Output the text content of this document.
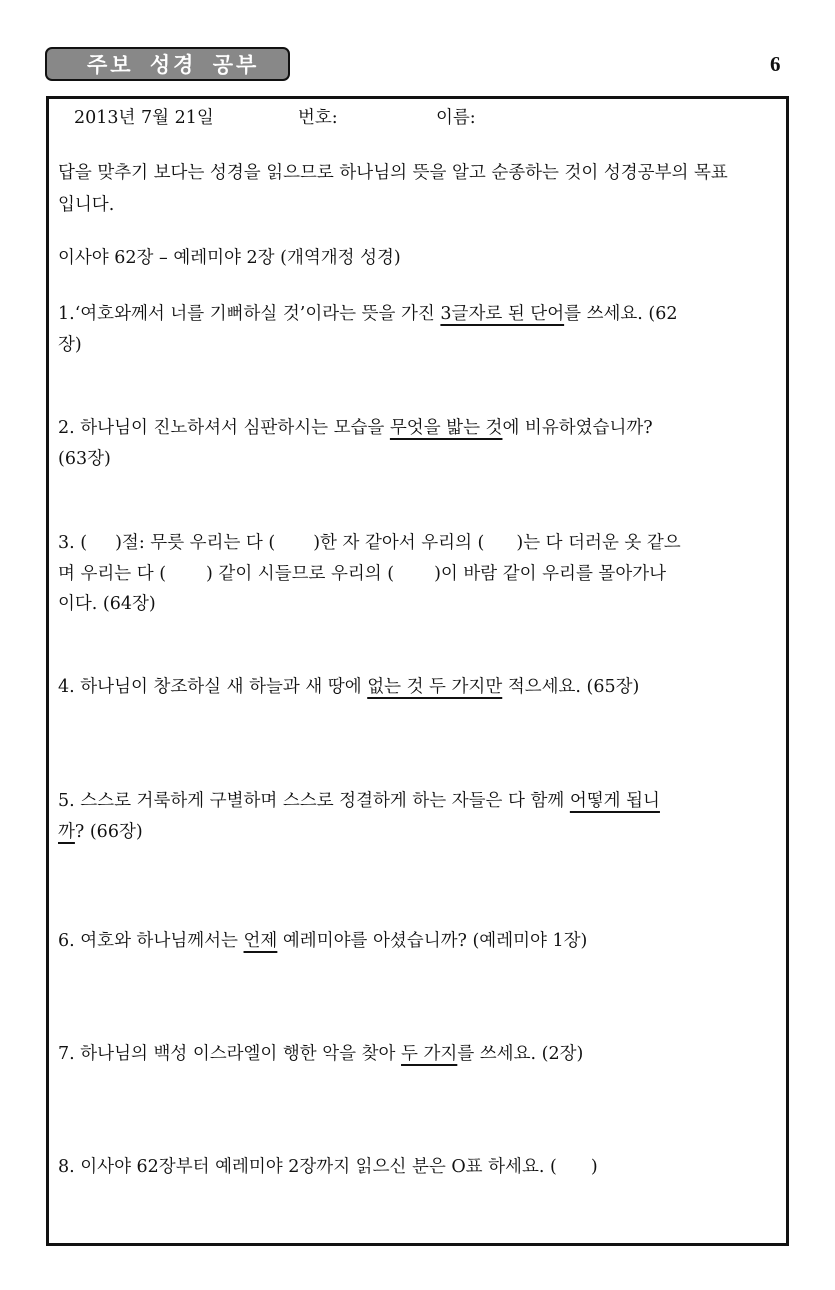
주보 성경 공부	6
2013년 7월 21일	번호:	이름:
답을 맞추기 보다는 성경을 읽으므로 하나님의 뜻을 알고 순종하는 것이 성경공부의 목표
입니다.
이사야 62장 – 예레미야 2장 (개역개정 성경)
1.‘여호와께서 너를 기뻐하실 것’이라는 뜻을 가진 3글자로 된 단어를 쓰세요. (62
장)
2. 하나님이 진노하셔서 심판하시는 모습을 무엇을 밟는 것에 비유하였습니까?
(63장)
3. ( )절: 무릇 우리는 다 ( )한 자 같아서 우리의 ( )는 다 더러운 옷 같으
며 우리는 다 ( ) 같이 시들므로 우리의 ( )이 바람 같이 우리를 몰아가나
이다. (64장)
4. 하나님이 창조하실 새 하늘과 새 땅에 없는 것 두 가지만 적으세요. (65장)
5. 스스로 거룩하게 구별하며 스스로 정결하게 하는 자들은 다 함께 어떻게 됩니
까? (66장)
6. 여호와 하나님께서는 언제 예레미야를 아셨습니까? (예레미야 1장)
7. 하나님의 백성 이스라엘이 행한 악을 찾아 두 가지를 쓰세요. (2장)
8. 이사야 62장부터 예레미야 2장까지 읽으신 분은 O표 하세요. ( )
